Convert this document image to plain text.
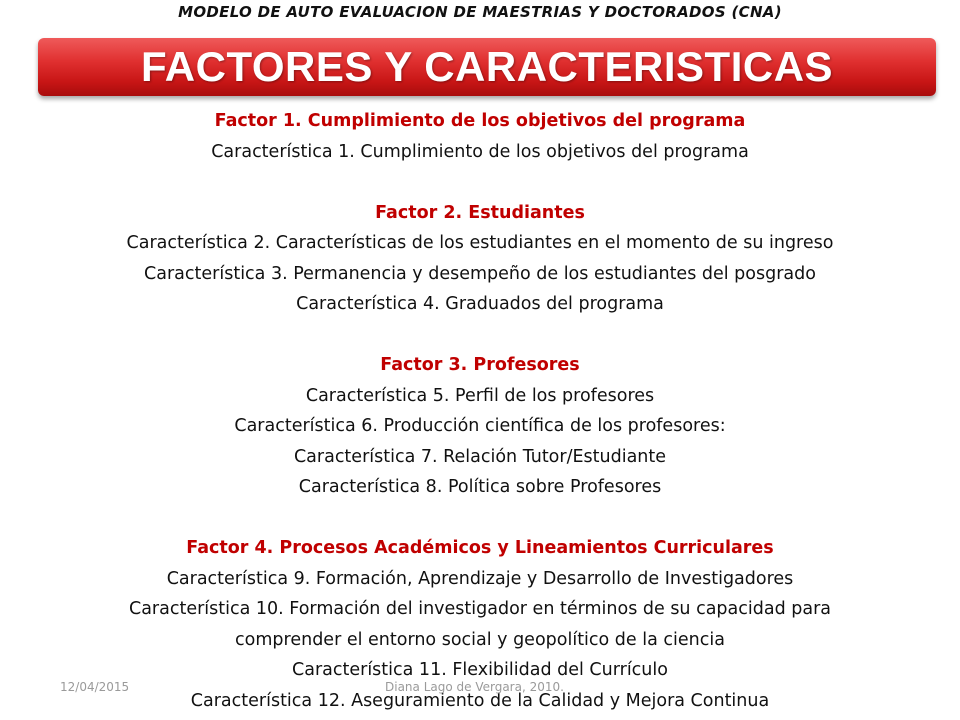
MODELO DE AUTO EVALUACION DE MAESTRIAS Y DOCTORADOS (CNA)
FACTORES Y CARACTERISTICAS
Factor 1. Cumplimiento de los objetivos del programa
Característica 1. Cumplimiento de los objetivos del programa
Factor 2. Estudiantes
Característica 2. Características de los estudiantes en el momento de su ingreso
Característica 3. Permanencia y desempeño de los estudiantes del posgrado
Característica 4. Graduados del programa
Factor 3. Profesores
Característica 5. Perfil de los profesores
Característica 6. Producción científica de los profesores:
Característica 7. Relación Tutor/Estudiante
Característica 8. Política sobre Profesores
Factor 4. Procesos Académicos y Lineamientos Curriculares
Característica 9. Formación, Aprendizaje y Desarrollo de Investigadores
Característica 10. Formación del investigador en términos de su capacidad para
comprender el entorno social y geopolítico de la ciencia
Característica 11. Flexibilidad del Currículo
Característica 12. Aseguramiento de la Calidad y Mejora Continua
12/04/2015	Diana Lago de Vergara, 2010.
